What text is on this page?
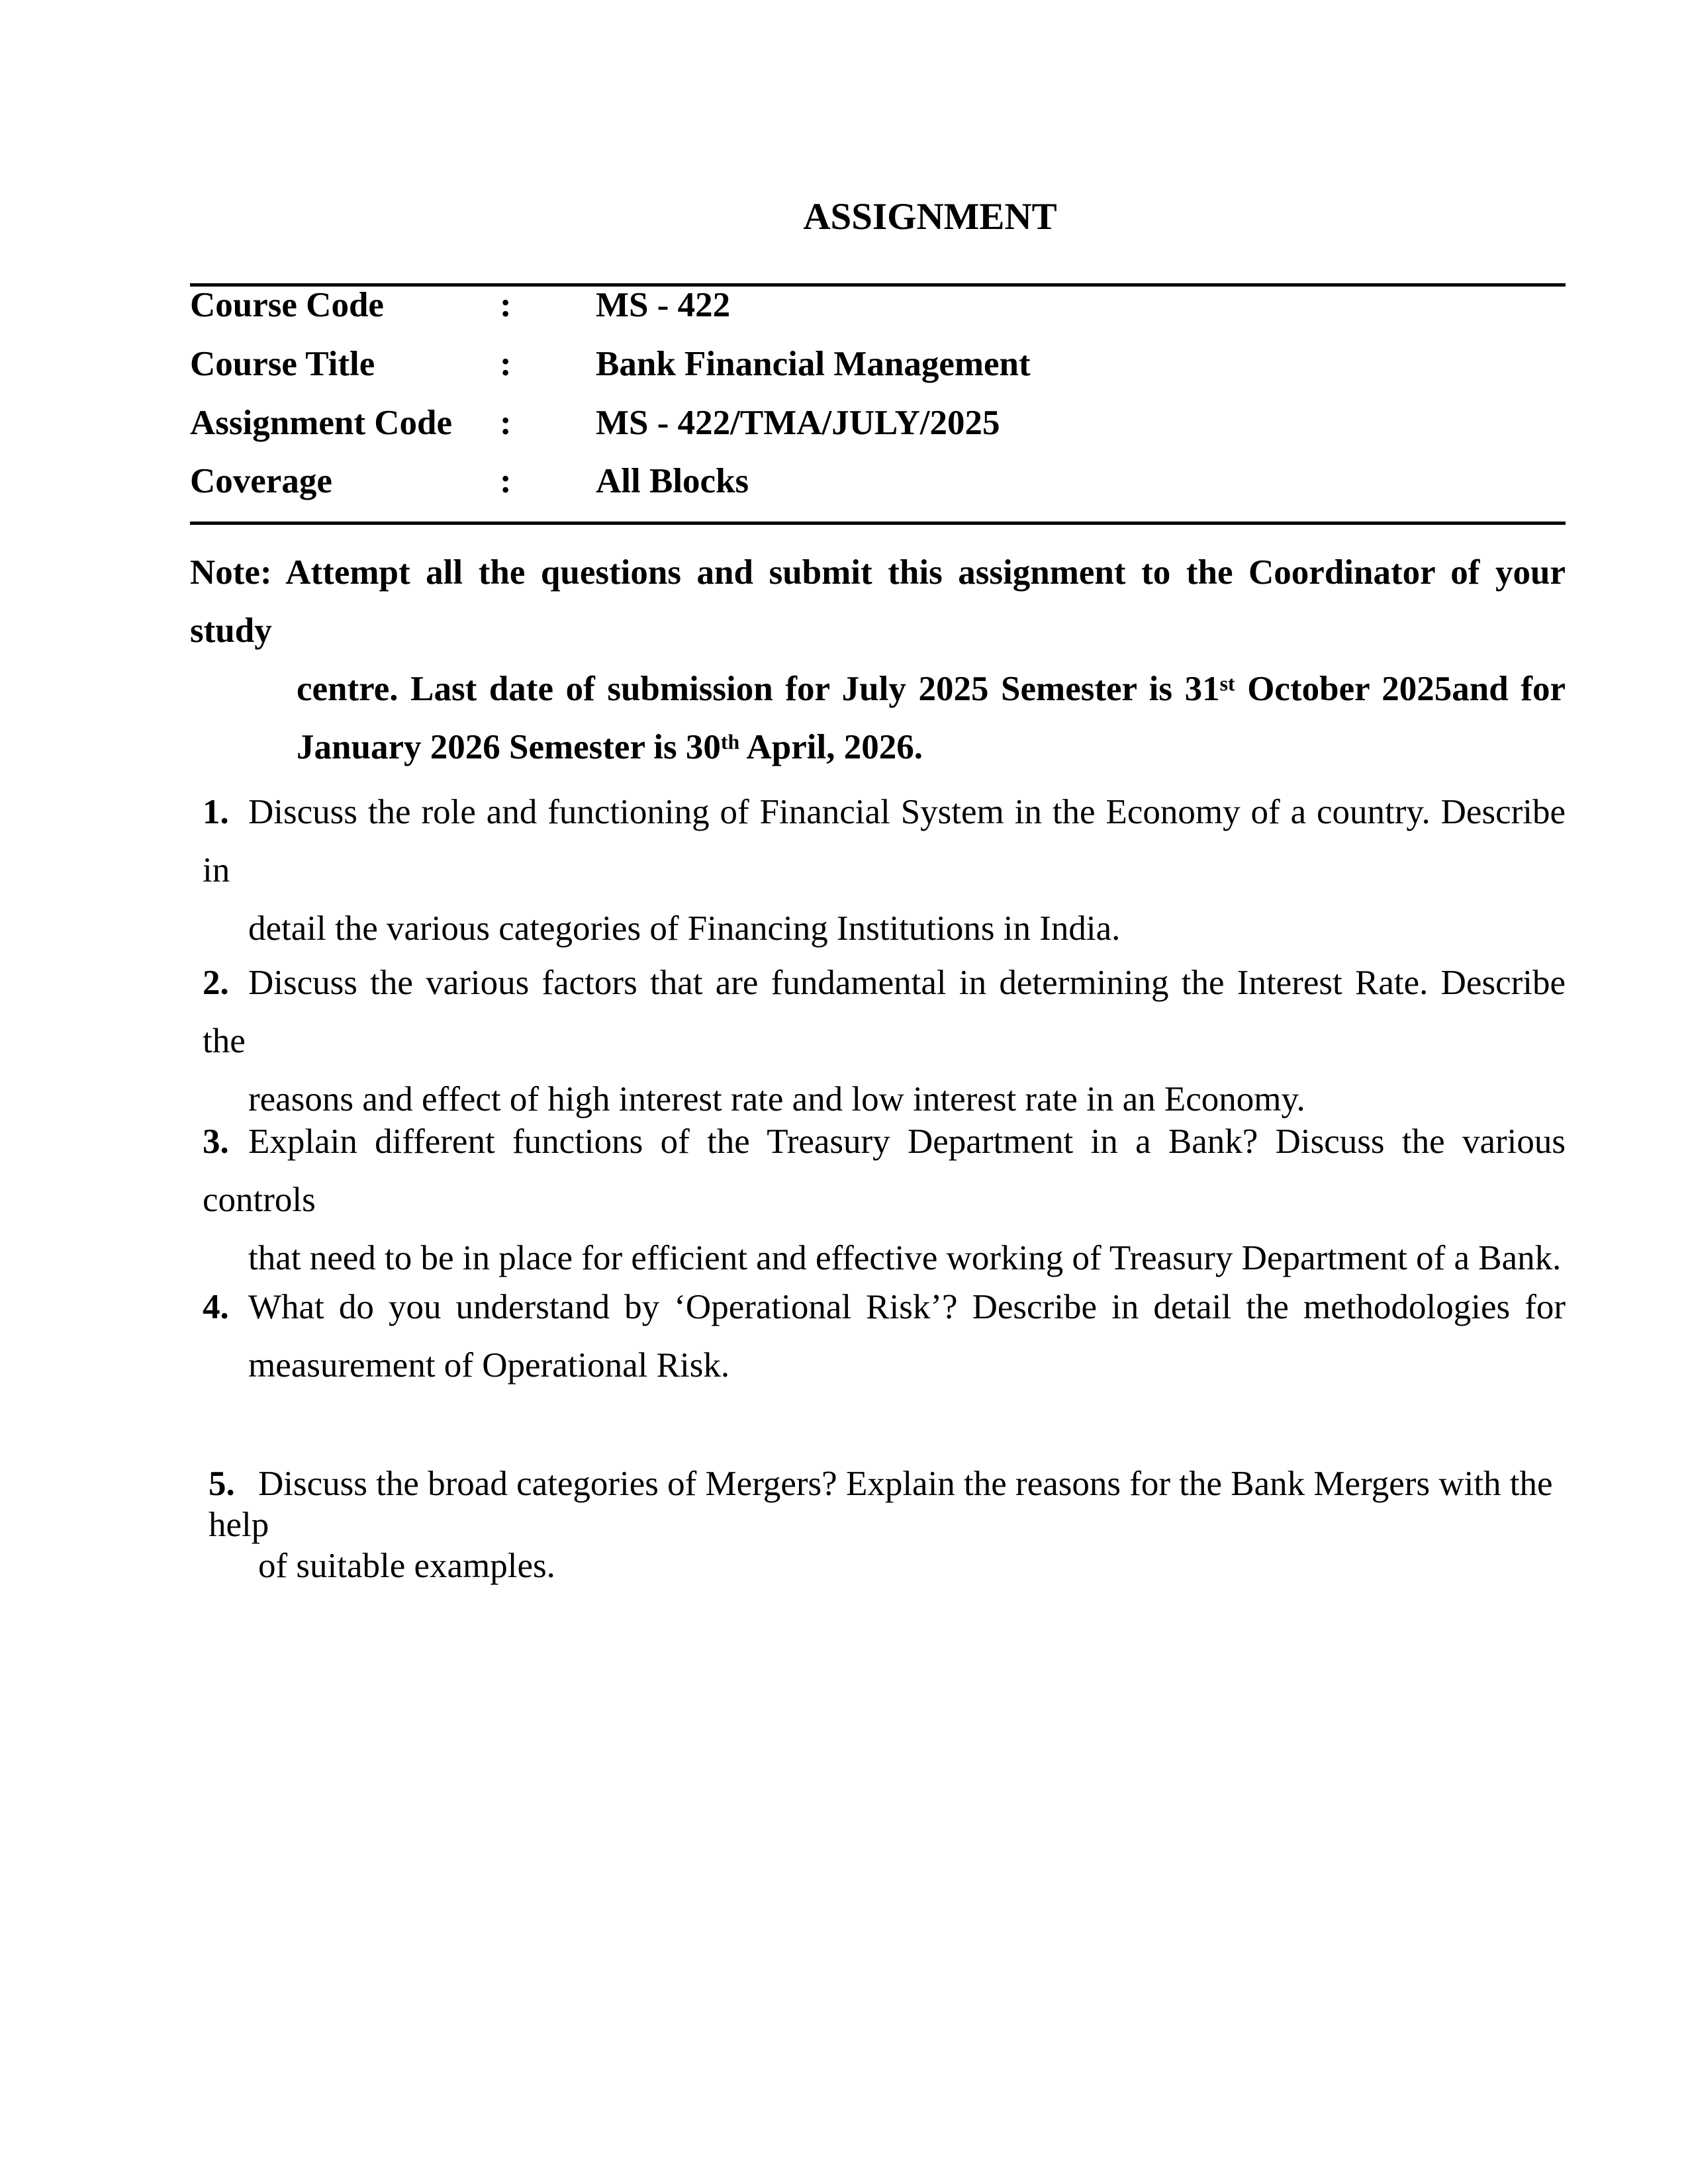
ASSIGNMENT
Course Code	: MS - 422
Course Title	: Bank Financial Management
Assignment Code : MS - 422/TMA/JULY/2025
Coverage	: All Blocks
Note: Attempt all the questions and submit this assignment to the Coordinator of your study
centre. Last date of submission for July 2025 Semester is 31st October 2025and for
January 2026 Semester is 30th April, 2026.
1. Discuss the role and functioning of Financial System in the Economy of a country. Describe in
detail the various categories of Financing Institutions in India.
2. Discuss the various factors that are fundamental in determining the Interest Rate. Describe the
reasons and effect of high interest rate and low interest rate in an Economy.
3. Explain different functions of the Treasury Department in a Bank? Discuss the various controls
that need to be in place for efficient and effective working of Treasury Department of a Bank.
4. What do you understand by ‘Operational Risk’? Describe in detail the methodologies for
measurement of Operational Risk.
5. Discuss the broad categories of Mergers? Explain the reasons for the Bank Mergers with the help
of suitable examples.
